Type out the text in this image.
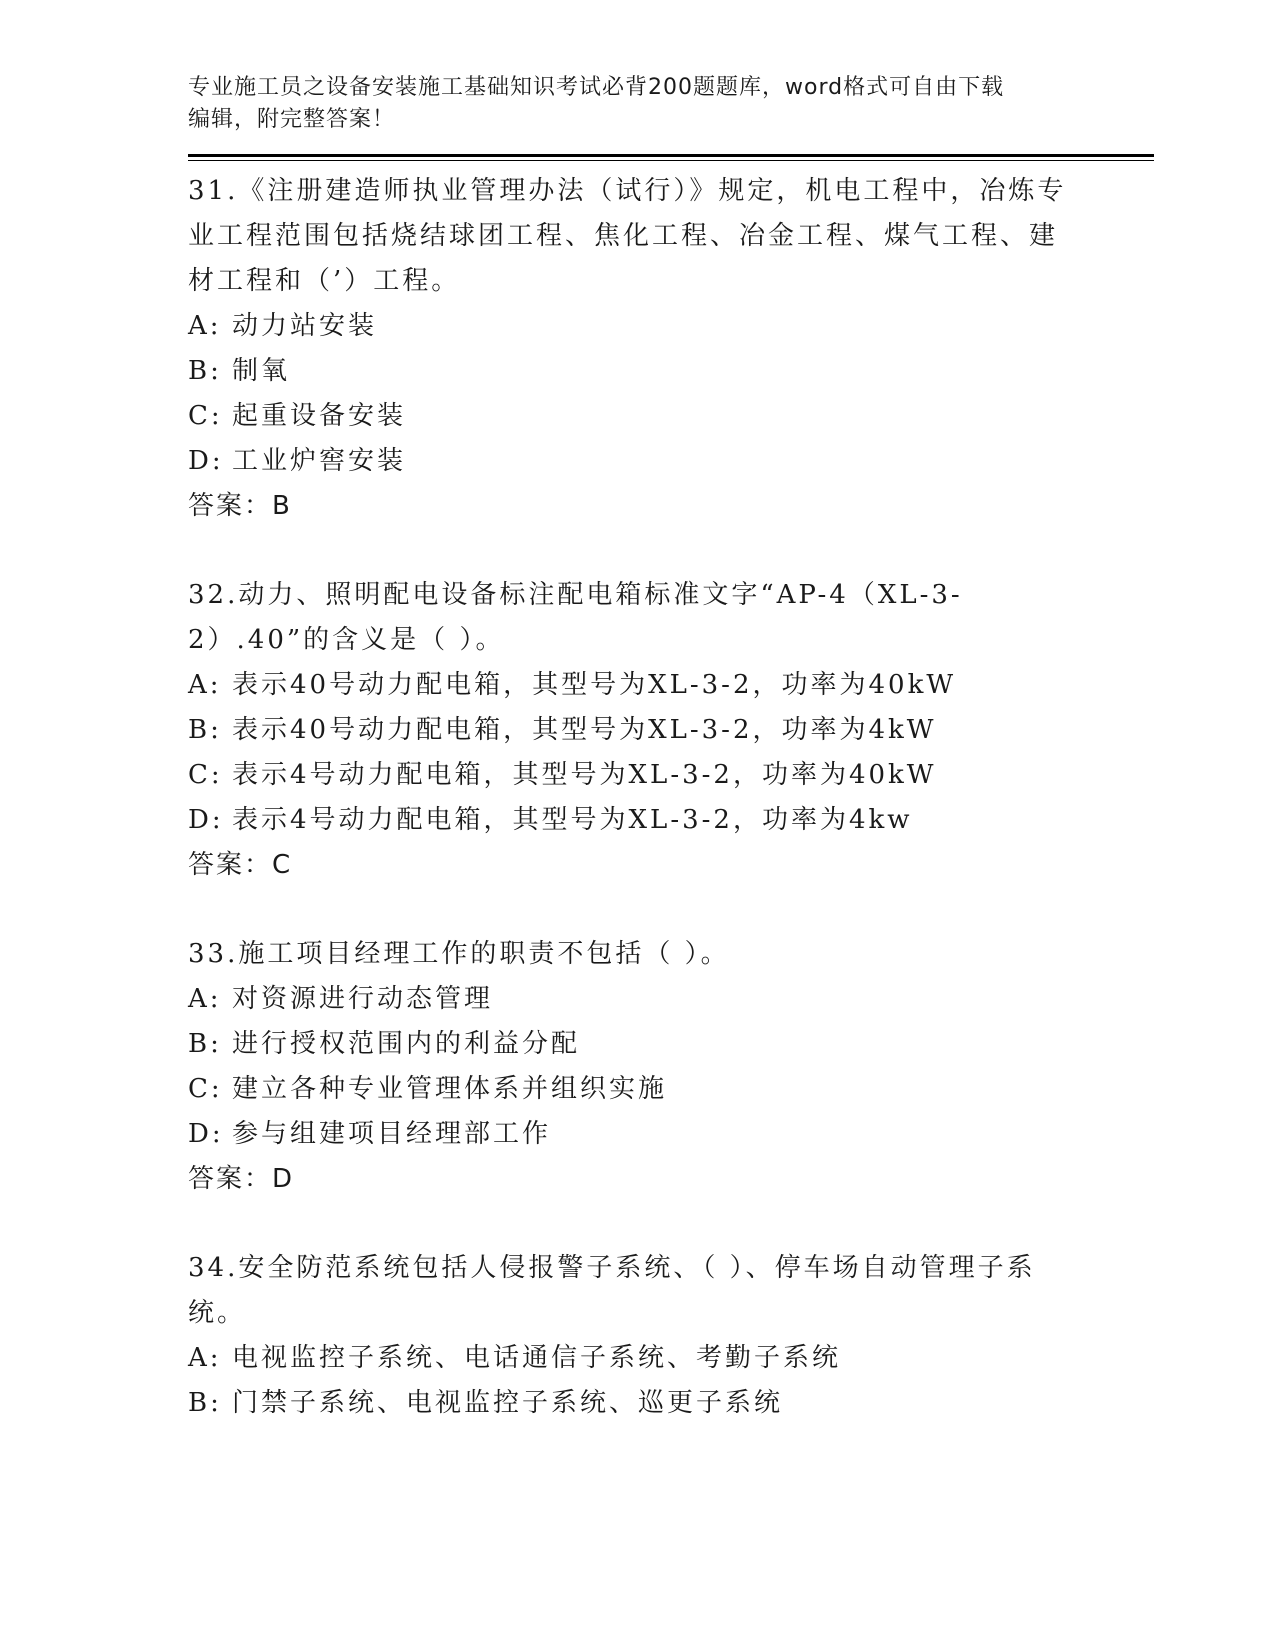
专业施工员之设备安装施工基础知识考试必背200题题库，word格式可自由下载
编辑，附完整答案！
31.《注册建造师执业管理办法（试行）》规定，机电工程中，冶炼专业工程范围包括烧结球团工程、焦化工程、冶金工程、煤气工程、建材工程和（’）工程。
A: 动力站安装
B: 制氧
C: 起重设备安装
D: 工业炉窖安装
答案：B
32.动力、照明配电设备标注配电箱标准文字“AP-4（XL-3-2）.40”的含义是（ ）。
A: 表示40号动力配电箱，其型号为XL-3-2，功率为40kW
B: 表示40号动力配电箱，其型号为XL-3-2，功率为4kW
C: 表示4号动力配电箱，其型号为XL-3-2，功率为40kW
D: 表示4号动力配电箱，其型号为XL-3-2，功率为4kw
答案：C
33.施工项目经理工作的职责不包括（ ）。
A: 对资源进行动态管理
B: 进行授权范围内的利益分配
C: 建立各种专业管理体系并组织实施
D: 参与组建项目经理部工作
答案：D
34.安全防范系统包括人侵报警子系统、（ ）、停车场自动管理子系统。
A: 电视监控子系统、电话通信子系统、考勤子系统
B: 门禁子系统、电视监控子系统、巡更子系统
